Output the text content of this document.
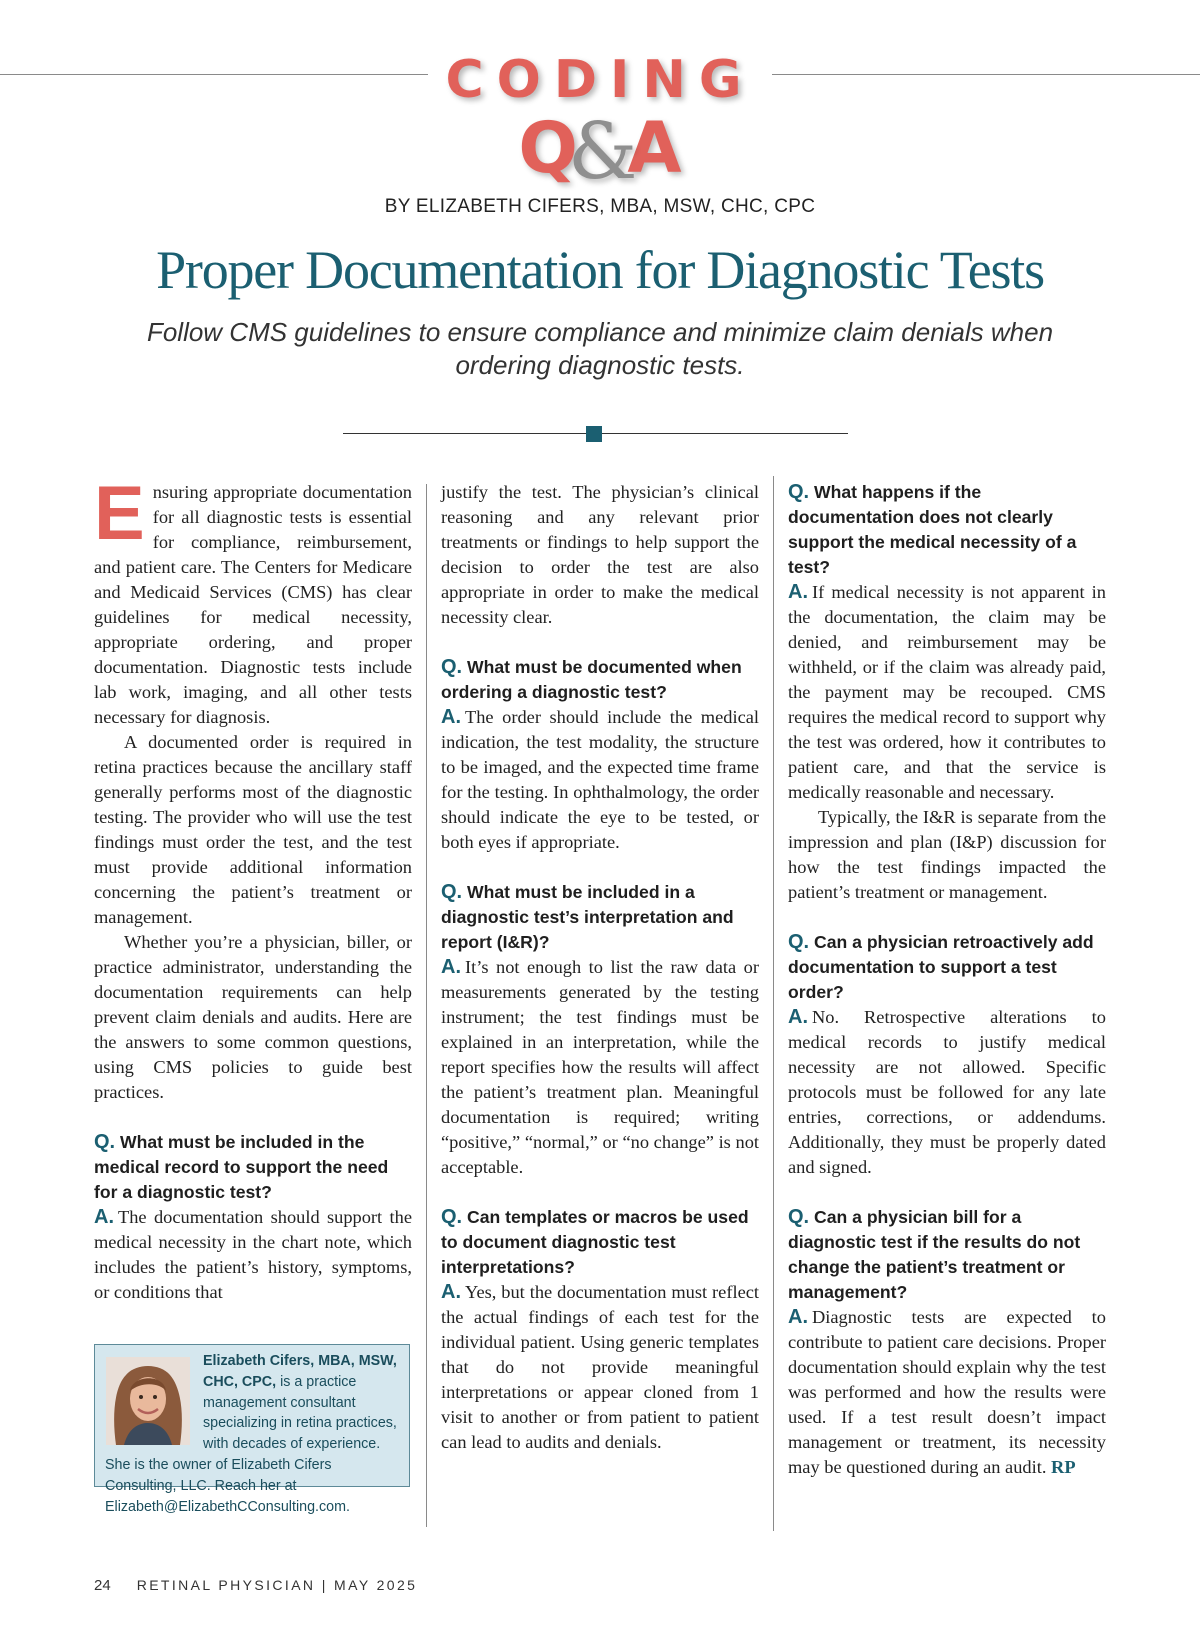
CODING
Q&A
BY ELIZABETH CIFERS, MBA, MSW, CHC, CPC
Proper Documentation for Diagnostic Tests
Follow CMS guidelines to ensure compliance and minimize claim denials when ordering diagnostic tests.

Ensuring appropriate documentation for all diagnostic tests is essential for compliance, reimbursement, and patient care. The Centers for Medicare and Medicaid Services (CMS) has clear guidelines for medical necessity, appropriate ordering, and proper documentation. Diagnostic tests include lab work, imaging, and all other tests necessary for diagnosis.

A documented order is required in retina practices because the ancillary staff generally performs most of the diagnostic testing. The provider who will use the test findings must order the test, and the test must provide additional information concerning the patient’s treatment or management.

Whether you’re a physician, biller, or practice administrator, understanding the documentation requirements can help prevent claim denials and audits. Here are the answers to some common questions, using CMS policies to guide best practices.

Q. What must be included in the medical record to support the need for a diagnostic test?

A. The documentation should support the medical necessity in the chart note, which includes the patient’s history, symptoms, or conditions that

Elizabeth Cifers, MBA, MSW, CHC, CPC, is a practice management consultant specializing in retina practices, with decades of experience. She is the owner of Elizabeth Cifers Consulting, LLC. Reach her at Elizabeth@ElizabethCConsulting.com.

justify the test. The physician’s clinical reasoning and any relevant prior treatments or findings to help support the decision to order the test are also appropriate in order to make the medical necessity clear.

Q. What must be documented when ordering a diagnostic test?

A. The order should include the medical indication, the test modality, the structure to be imaged, and the expected time frame for the testing. In ophthalmology, the order should indicate the eye to be tested, or both eyes if appropriate.

Q. What must be included in a diagnostic test’s interpretation and report (I&R)?

A. It’s not enough to list the raw data or measurements generated by the testing instrument; the test findings must be explained in an interpretation, while the report specifies how the results will affect the patient’s treatment plan. Meaningful documentation is required; writing “positive,” “normal,” or “no change” is not acceptable.

Q. Can templates or macros be used to document diagnostic test interpretations?

A. Yes, but the documentation must reflect the actual findings of each test for the individual patient. Using generic templates that do not provide meaningful interpretations or appear cloned from 1 visit to another or from patient to patient can lead to audits and denials.

Q. What happens if the documentation does not clearly support the medical necessity of a test?

A. If medical necessity is not apparent in the documentation, the claim may be denied, and reimbursement may be withheld, or if the claim was already paid, the payment may be recouped. CMS requires the medical record to support why the test was ordered, how it contributes to patient care, and that the service is medically reasonable and necessary.

Typically, the I&R is separate from the impression and plan (I&P) discussion for how the test findings impacted the patient’s treatment or management.

Q. Can a physician retroactively add documentation to support a test order?

A. No. Retrospective alterations to medical records to justify medical necessity are not allowed. Specific protocols must be followed for any late entries, corrections, or addendums. Additionally, they must be properly dated and signed.

Q. Can a physician bill for a diagnostic test if the results do not change the patient’s treatment or management?

A. Diagnostic tests are expected to contribute to patient care decisions. Proper documentation should explain why the test was performed and how the results were used. If a test result doesn’t impact management or treatment, its necessity may be questioned during an audit. RP

24 RETINAL PHYSICIAN | MAY 2025
